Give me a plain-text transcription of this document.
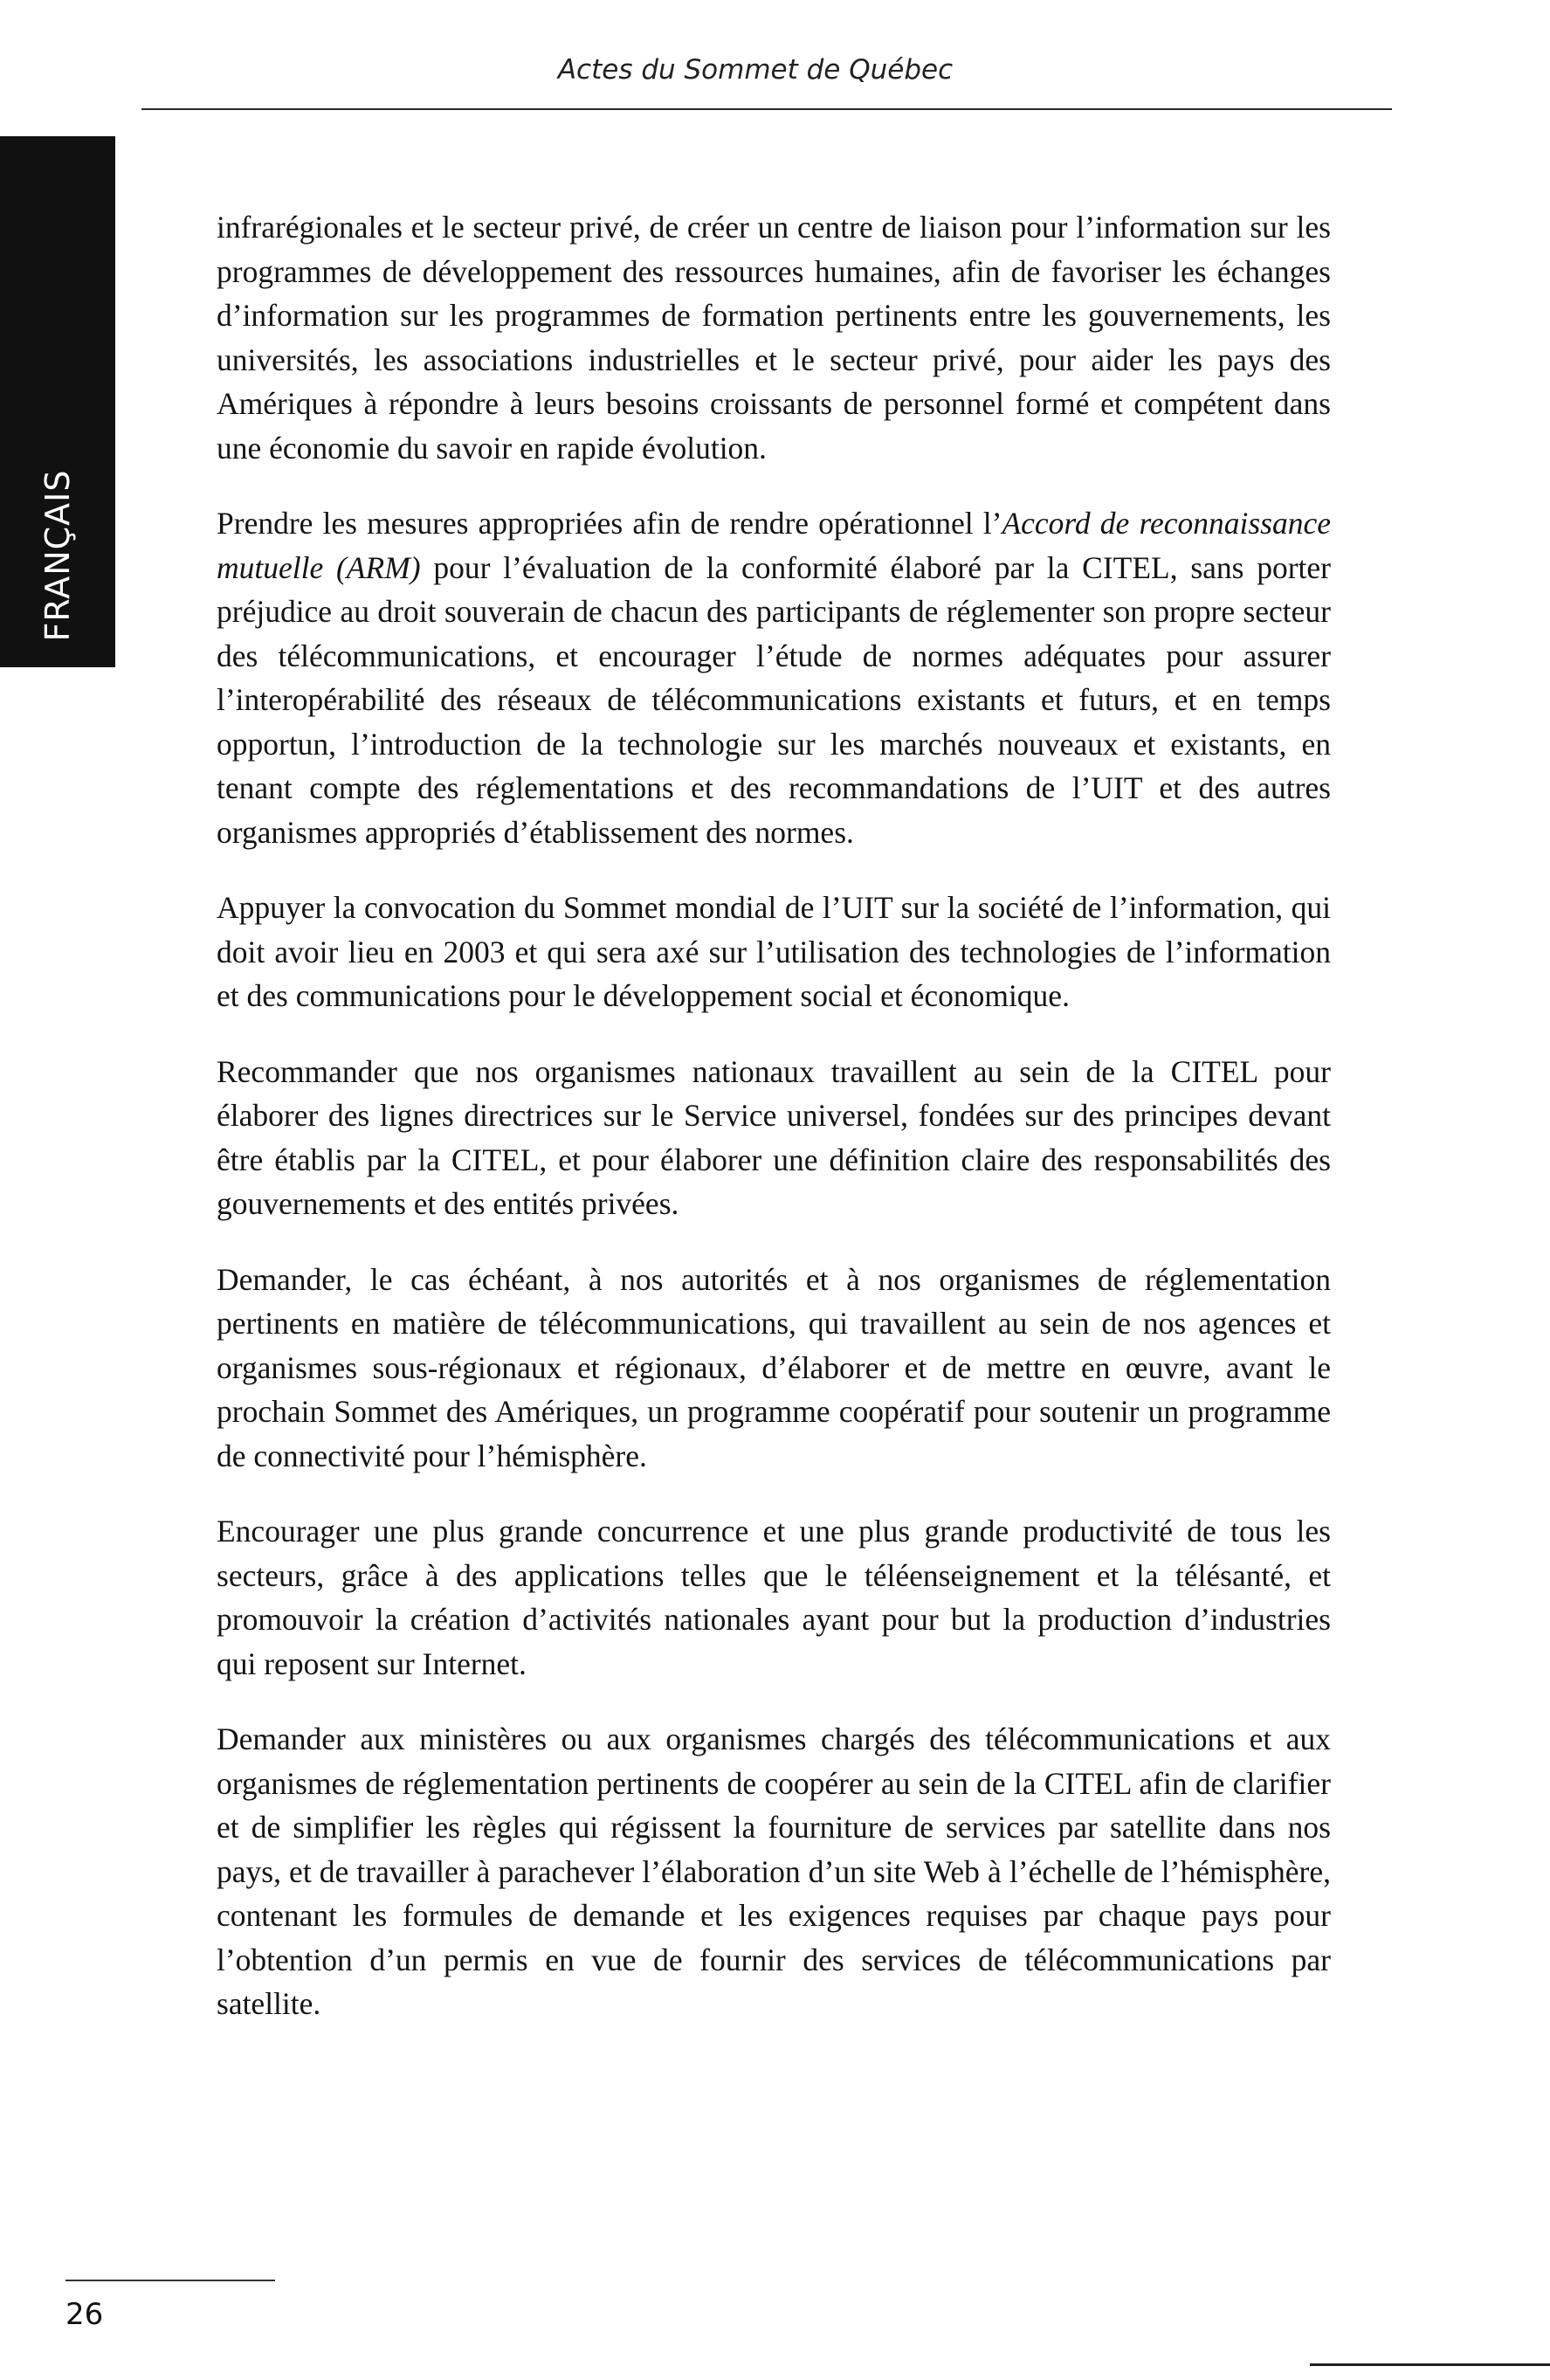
Actes du Sommet de Québec
FRANÇAIS

infrarégionales et le secteur privé, de créer un centre de liaison pour l’information sur les programmes de développement des ressources humaines, afin de favoriser les échanges d’information sur les programmes de formation pertinents entre les gouvernements, les universités, les associations industrielles et le secteur privé, pour aider les pays des Amériques à répondre à leurs besoins croissants de personnel formé et compétent dans une économie du savoir en rapide évolution.

Prendre les mesures appropriées afin de rendre opérationnel l’Accord de reconnaissance mutuelle (ARM) pour l’évaluation de la conformité élaboré par la CITEL, sans porter préjudice au droit souverain de chacun des participants de réglementer son propre secteur des télécommunications, et encourager l’étude de normes adéquates pour assurer l’interopérabilité des réseaux de télécommunications existants et futurs, et en temps opportun, l’introduction de la technologie sur les marchés nouveaux et existants, en tenant compte des réglementations et des recommandations de l’UIT et des autres organismes appropriés d’établissement des normes.

Appuyer la convocation du Sommet mondial de l’UIT sur la société de l’information, qui doit avoir lieu en 2003 et qui sera axé sur l’utilisation des technologies de l’information et des communications pour le développement social et économique.

Recommander que nos organismes nationaux travaillent au sein de la CITEL pour élaborer des lignes directrices sur le Service universel, fondées sur des principes devant être établis par la CITEL, et pour élaborer une définition claire des responsabilités des gouvernements et des entités privées.

Demander, le cas échéant, à nos autorités et à nos organismes de réglementation pertinents en matière de télécommunications, qui travaillent au sein de nos agences et organismes sous-régionaux et régionaux, d’élaborer et de mettre en œuvre, avant le prochain Sommet des Amériques, un programme coopératif pour soutenir un programme de connectivité pour l’hémisphère.

Encourager une plus grande concurrence et une plus grande productivité de tous les secteurs, grâce à des applications telles que le téléenseignement et la télésanté, et promouvoir la création d’activités nationales ayant pour but la production d’industries qui reposent sur Internet.

Demander aux ministères ou aux organismes chargés des télécommunications et aux organismes de réglementation pertinents de coopérer au sein de la CITEL afin de clarifier et de simplifier les règles qui régissent la fourniture de services par satellite dans nos pays, et de travailler à parachever l’élaboration d’un site Web à l’échelle de l’hémisphère, contenant les formules de demande et les exigences requises par chaque pays pour l’obtention d’un permis en vue de fournir des services de télécommunications par satellite.

26
